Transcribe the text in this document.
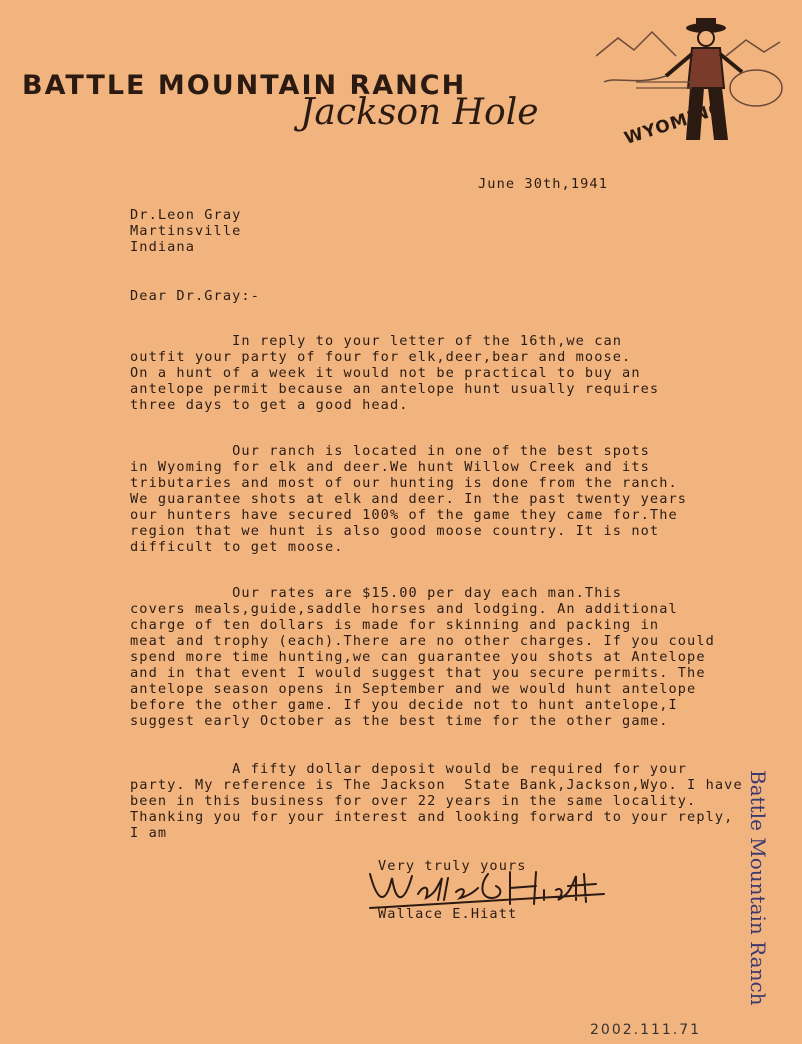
BATTLE MOUNTAIN RANCH
Jackson Hole	WYOMING
June 30th,1941
Dr.Leon Gray
Martinsville
Indiana
Dear Dr.Gray:-
In reply to your letter of the 16th,we can
outfit your party of four for elk,deer,bear and moose.
On a hunt of a week it would not be practical to buy an
antelope permit because an antelope hunt usually requires
three days to get a good head.
Our ranch is located in one of the best spots
in Wyoming for elk and deer.We hunt Willow Creek and its
tributaries and most of our hunting is done from the ranch.
We guarantee shots at elk and deer. In the past twenty years
our hunters have secured 100% of the game they came for.The
region that we hunt is also good moose country. It is not
difficult to get moose.
Our rates are $15.00 per day each man.This
covers meals,guide,saddle horses and lodging. An additional
charge of ten dollars is made for skinning and packing in
meat and trophy (each).There are no other charges. If you could
spend more time hunting,we can guarantee you shots at Antelope
and in that event I would suggest that you secure permits. The
antelope season opens in September and we would hunt antelope
before the other game. If you decide not to hunt antelope,I
suggest early October as the best time for the other game.
A fifty dollar deposit would be required for your
party. My reference is The Jackson  State Bank,Jackson,Wyo. I have
been in this business for over 22 years in the same locality.
Thanking you for your interest and looking forward to your reply,
I am
Very truly yours
Wallace E.Hiatt	Battle Mountain Ranch
2002.111.71
